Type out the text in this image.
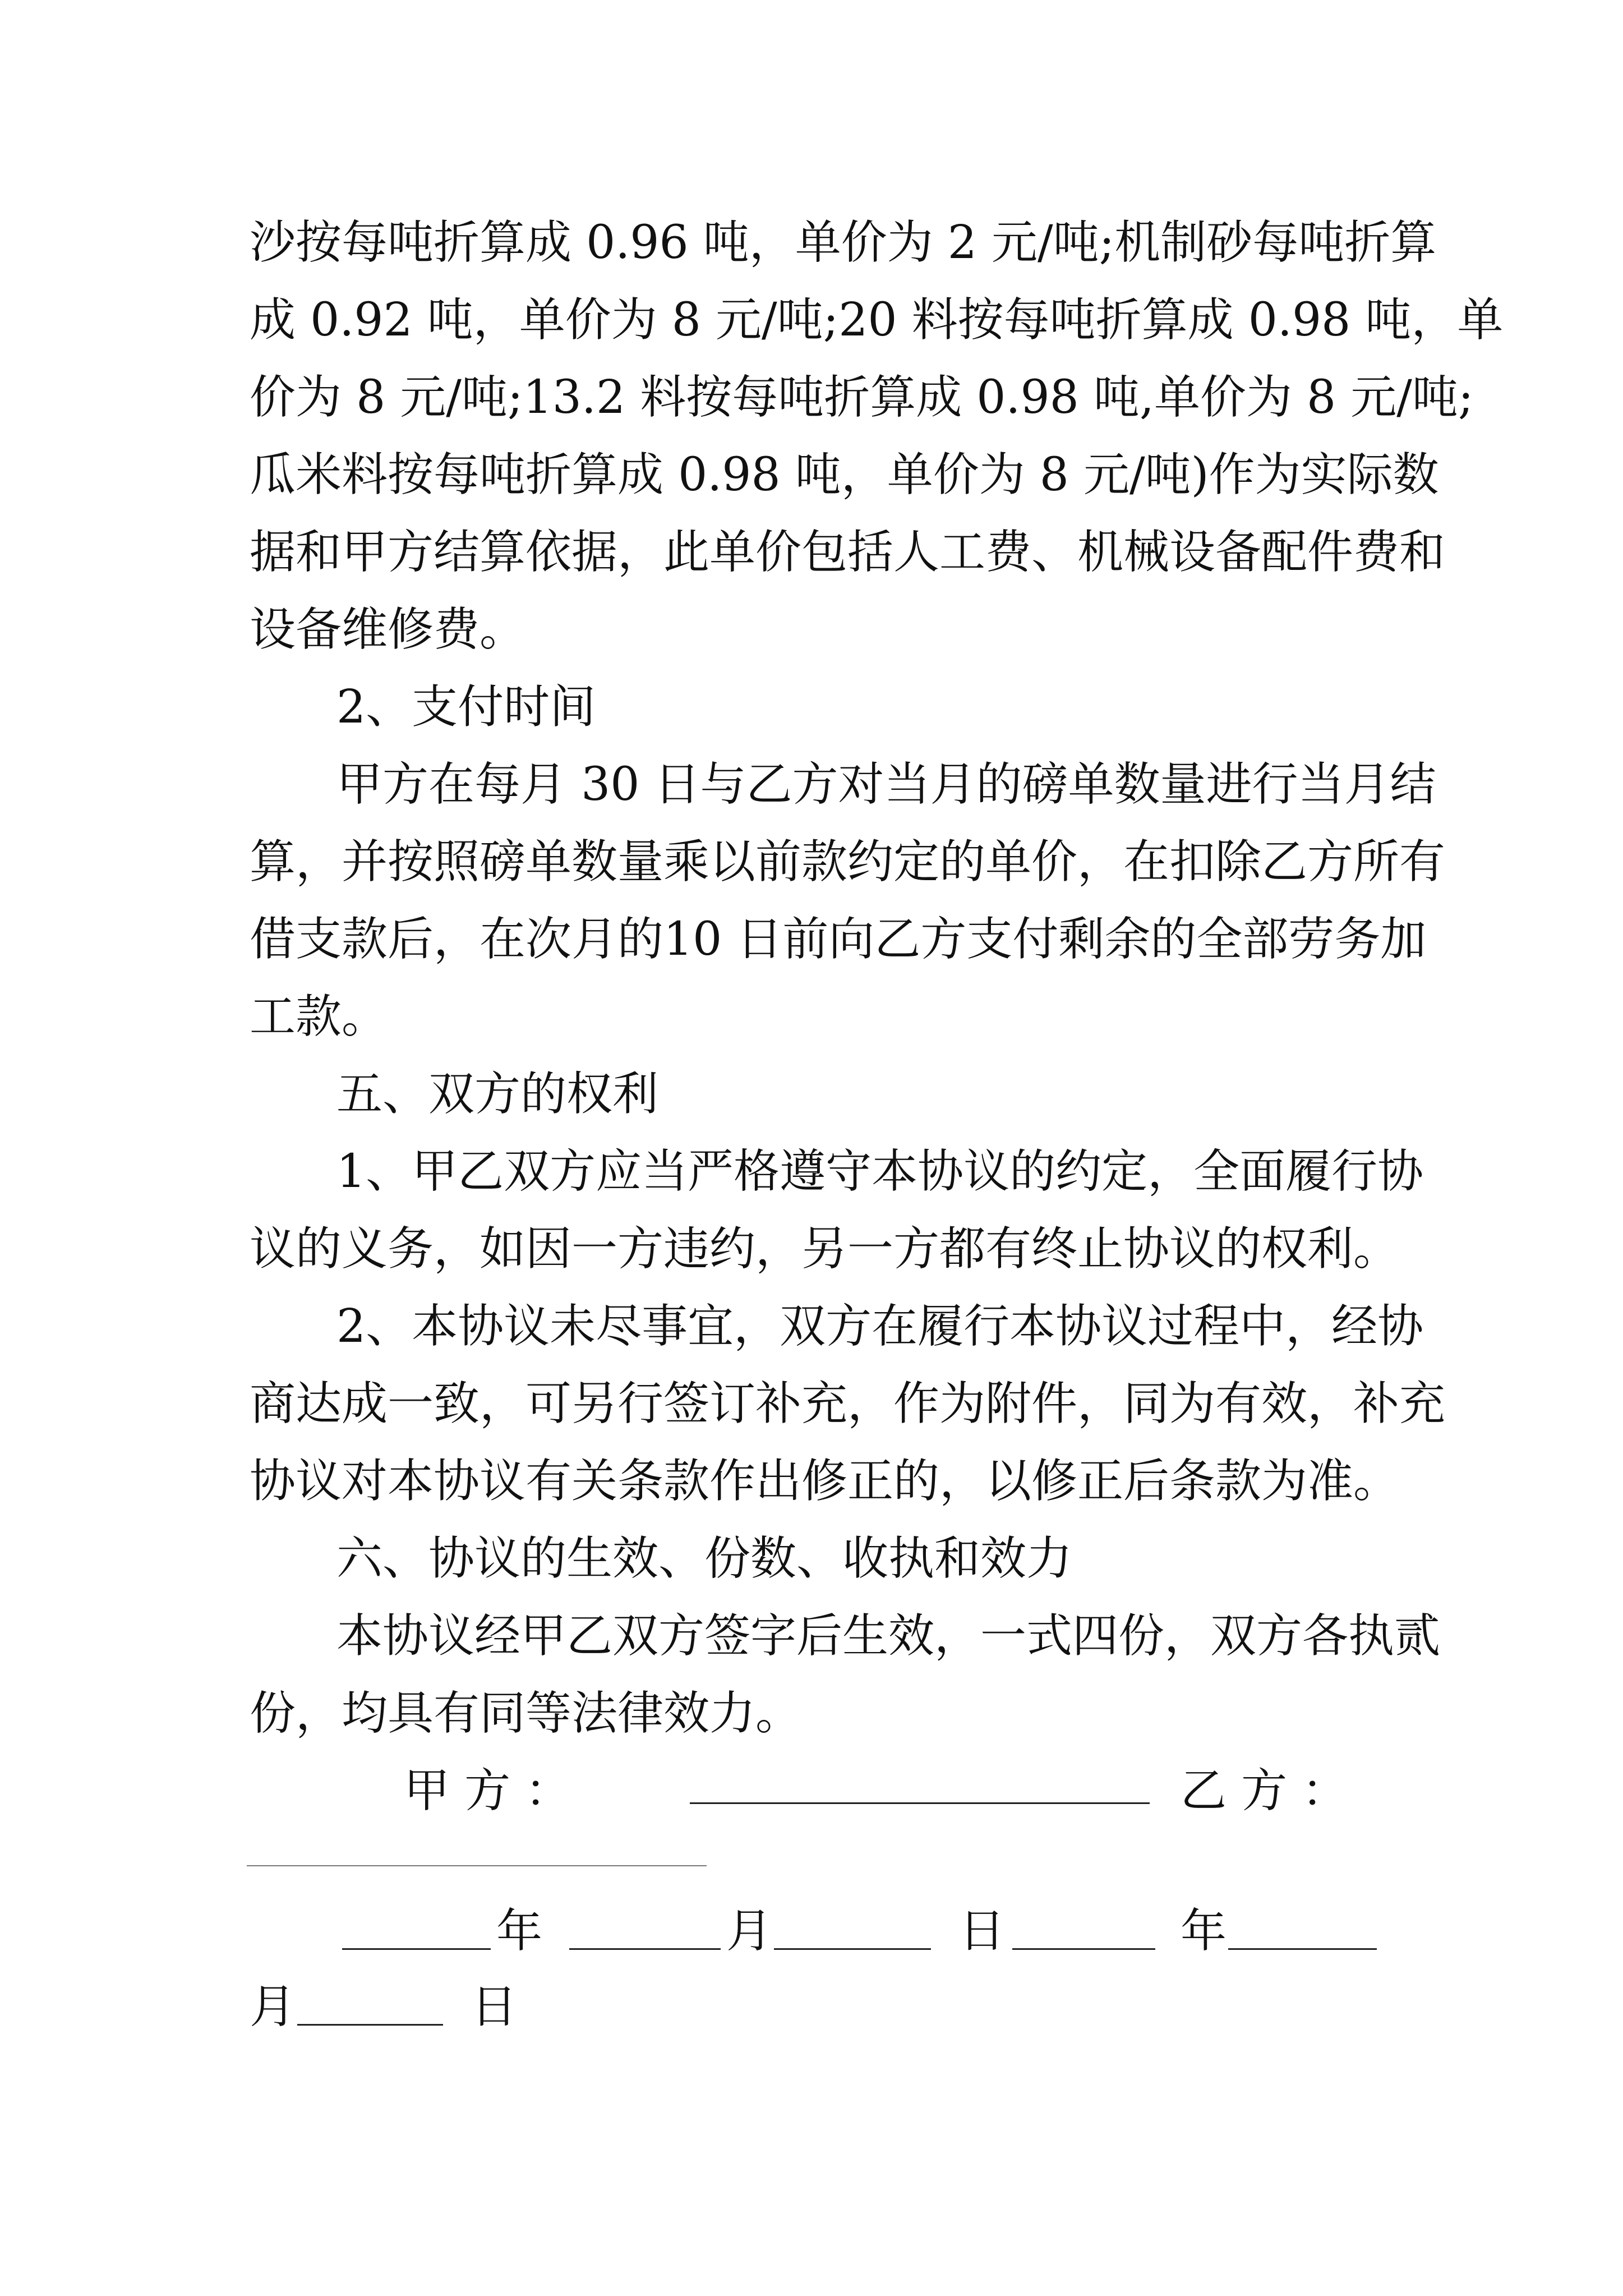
沙按每吨折算成 0.96 吨，单价为 2 元/吨;机制砂每吨折算
成 0.92 吨，单价为 8 元/吨;20 料按每吨折算成 0.98 吨，单
价为 8 元/吨;13.2 料按每吨折算成 0.98 吨,单价为 8 元/吨;
瓜米料按每吨折算成 0.98 吨，单价为 8 元/吨)作为实际数
据和甲方结算依据，此单价包括人工费、机械设备配件费和
设备维修费。
2、支付时间
甲方在每月 30 日与乙方对当月的磅单数量进行当月结
算，并按照磅单数量乘以前款约定的单价，在扣除乙方所有
借支款后，在次月的10 日前向乙方支付剩余的全部劳务加
工款。
五、双方的权利
1、甲乙双方应当严格遵守本协议的约定，全面履行协
议的义务，如因一方违约，另一方都有终止协议的权利。
2、本协议未尽事宜，双方在履行本协议过程中，经协
商达成一致，可另行签订补充，作为附件，同为有效，补充
协议对本协议有关条款作出修正的，以修正后条款为准。
六、协议的生效、份数、收执和效力
本协议经甲乙双方签字后生效，一式四份，双方各执贰
份，均具有同等法律效力。
甲 方 ：	乙 方 ：
年	月	日	年
月	日
